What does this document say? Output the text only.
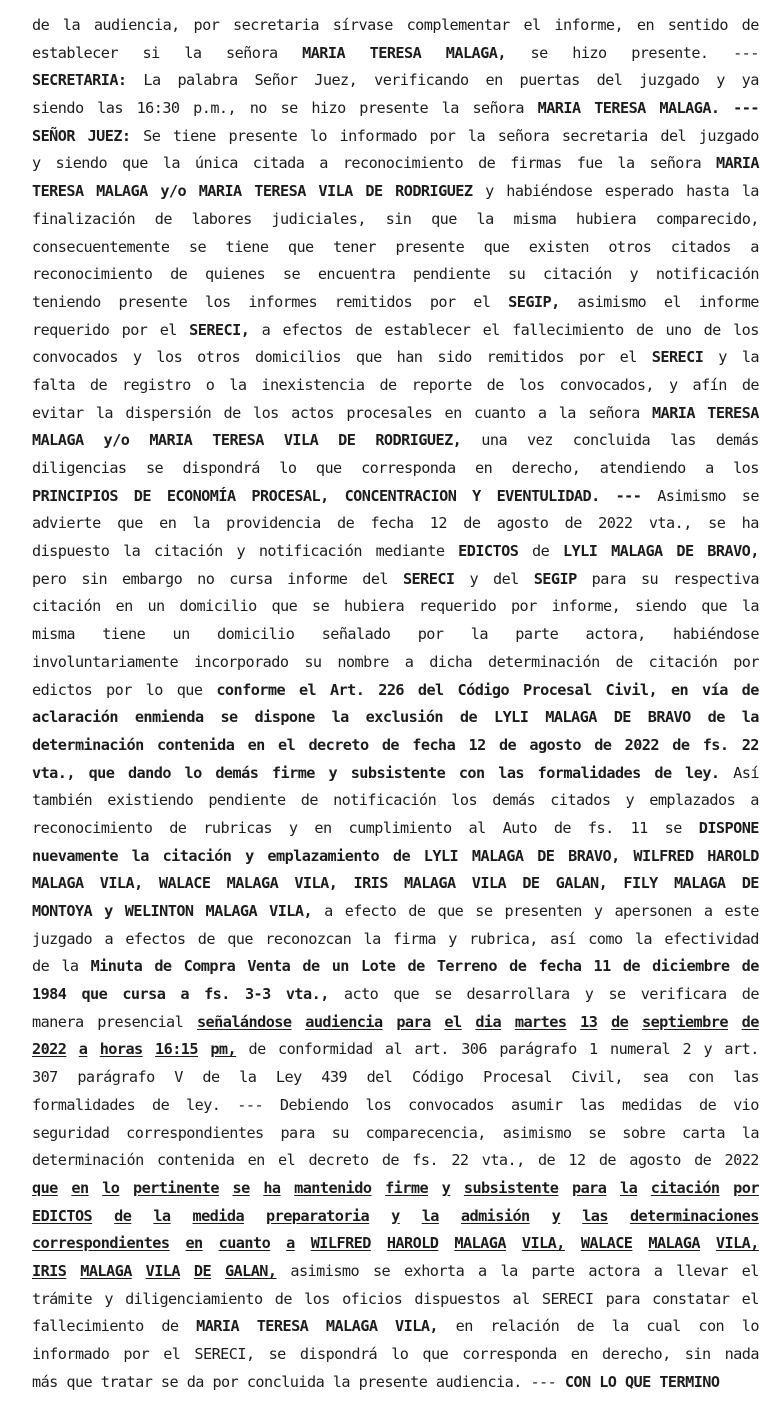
de la audiencia, por secretaria sírvase complementar el informe, en sentido de
establecer si la señora MARIA TERESA MALAGA, se hizo presente. ---
SECRETARIA: La palabra Señor Juez, verificando en puertas del juzgado y ya
siendo las 16:30 p.m., no se hizo presente la señora MARIA TERESA MALAGA. ---
SEÑOR JUEZ: Se tiene presente lo informado por la señora secretaria del juzgado
y siendo que la única citada a reconocimiento de firmas fue la señora MARIA
TERESA MALAGA y/o MARIA TERESA VILA DE RODRIGUEZ y habiéndose esperado hasta la
finalización de labores judiciales, sin que la misma hubiera comparecido,
consecuentemente se tiene que tener presente que existen otros citados a
reconocimiento de quienes se encuentra pendiente su citación y notificación
teniendo presente los informes remitidos por el SEGIP, asimismo el informe
requerido por el SERECI, a efectos de establecer el fallecimiento de uno de los
convocados y los otros domicilios que han sido remitidos por el SERECI y la
falta de registro o la inexistencia de reporte de los convocados, y afín de
evitar la dispersión de los actos procesales en cuanto a la señora MARIA TERESA
MALAGA y/o MARIA TERESA VILA DE RODRIGUEZ, una vez concluida las demás
diligencias se dispondrá lo que corresponda en derecho, atendiendo a los
PRINCIPIOS DE ECONOMÍA PROCESAL, CONCENTRACION Y EVENTULIDAD. --- Asimismo se
advierte que en la providencia de fecha 12 de agosto de 2022 vta., se ha
dispuesto la citación y notificación mediante EDICTOS de LYLI MALAGA DE BRAVO,
pero sin embargo no cursa informe del SERECI y del SEGIP para su respectiva
citación en un domicilio que se hubiera requerido por informe, siendo que la
misma tiene un domicilio señalado por la parte actora, habiéndose
involuntariamente incorporado su nombre a dicha determinación de citación por
edictos por lo que conforme el Art. 226 del Código Procesal Civil, en vía de
aclaración enmienda se dispone la exclusión de LYLI MALAGA DE BRAVO de la
determinación contenida en el decreto de fecha 12 de agosto de 2022 de fs. 22
vta., que dando lo demás firme y subsistente con las formalidades de ley. Así
también existiendo pendiente de notificación los demás citados y emplazados a
reconocimiento de rubricas y en cumplimiento al Auto de fs. 11 se DISPONE
nuevamente la citación y emplazamiento de LYLI MALAGA DE BRAVO, WILFRED HAROLD
MALAGA VILA, WALACE MALAGA VILA, IRIS MALAGA VILA DE GALAN, FILY MALAGA DE
MONTOYA y WELINTON MALAGA VILA, a efecto de que se presenten y apersonen a este
juzgado a efectos de que reconozcan la firma y rubrica, así como la efectividad
de la Minuta de Compra Venta de un Lote de Terreno de fecha 11 de diciembre de
1984 que cursa a fs. 3-3 vta., acto que se desarrollara y se verificara de
manera presencial señalándose audiencia para el dia martes 13 de septiembre de
2022 a horas 16:15 pm, de conformidad al art. 306 parágrafo 1 numeral 2 y art.
307 parágrafo V de la Ley 439 del Código Procesal Civil, sea con las
formalidades de ley. --- Debiendo los convocados asumir las medidas de vio
seguridad correspondientes para su comparecencia, asimismo se sobre carta la
determinación contenida en el decreto de fs. 22 vta., de 12 de agosto de 2022
que en lo pertinente se ha mantenido firme y subsistente para la citación por
EDICTOS de la medida preparatoria y la admisión y las determinaciones
correspondientes en cuanto a WILFRED HAROLD MALAGA VILA, WALACE MALAGA VILA,
IRIS MALAGA VILA DE GALAN, asimismo se exhorta a la parte actora a llevar el
trámite y diligenciamiento de los oficios dispuestos al SERECI para constatar el
fallecimiento de MARIA TERESA MALAGA VILA, en relación de la cual con lo
informado por el SERECI, se dispondrá lo que corresponda en derecho, sin nada
más que tratar se da por concluida la presente audiencia. --- CON LO QUE TERMINO
